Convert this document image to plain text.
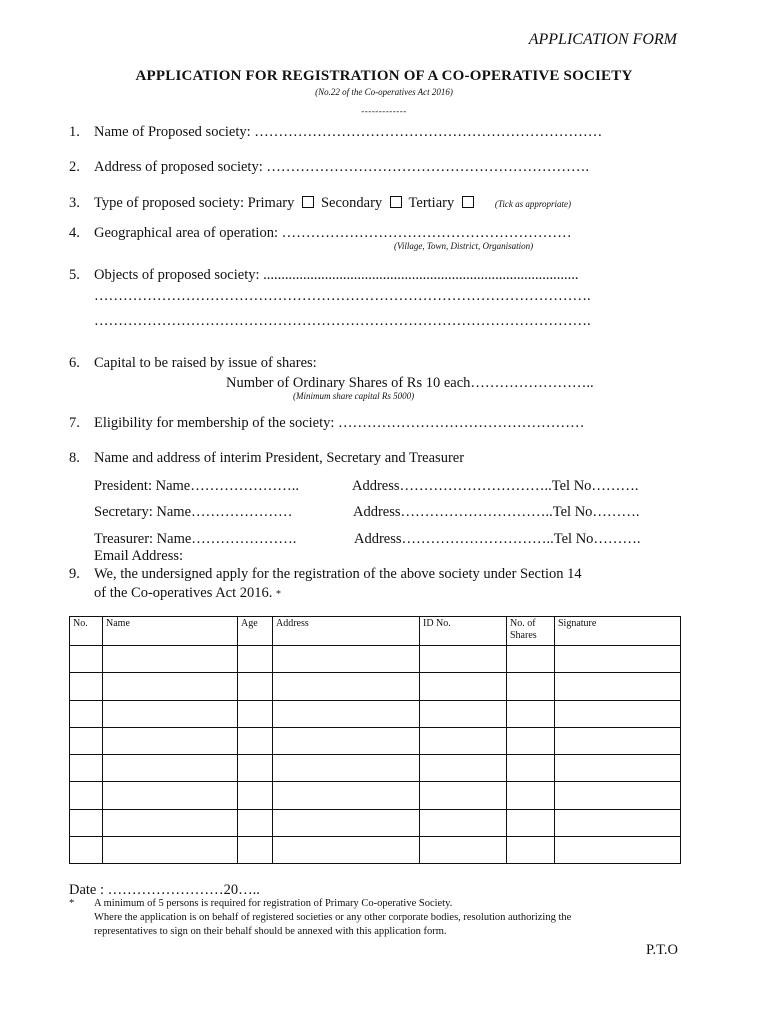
APPLICATION FORM
APPLICATION FOR REGISTRATION OF A CO-OPERATIVE SOCIETY
(No.22 of the Co-operatives Act 2016)
-------------
1. Name of Proposed society: ………………………………………………………………
2. Address of proposed society: ………………………………………………………….
3. Type of proposed society: Primary Secondary Tertiary	(Tick as appropriate)
4. Geographical area of operation: ……………………………………………………
(Village, Town, District, Organisation)
5. Objects of proposed society: .......................................................................................
………………………………………………………………………………………….
………………………………………………………………………………………….
6. Capital to be raised by issue of shares:
Number of Ordinary Shares of Rs 10 each……………………..
(Minimum share capital Rs 5000)
7. Eligibility for membership of the society: ……………………………………………
8. Name and address of interim President, Secretary and Treasurer
President: Name…………………..	Address…………………………..Tel No……….
Secretary: Name…………………	Address…………………………..Tel No……….
Treasurer: Name………………….	Address…………………………..Tel No……….
Email Address:
9. We, the undersigned apply for the registration of the above society under Section 14
of the Co-operatives Act 2016. *
No.	Name	Age	Address	ID No.	No. of Shares	Signature

Date : ……………………20…..
* A minimum of 5 persons is required for registration of Primary Co-operative Society.
Where the application is on behalf of registered societies or any other corporate bodies, resolution authorizing the
representatives to sign on their behalf should be annexed with this application form.
P.T.O
